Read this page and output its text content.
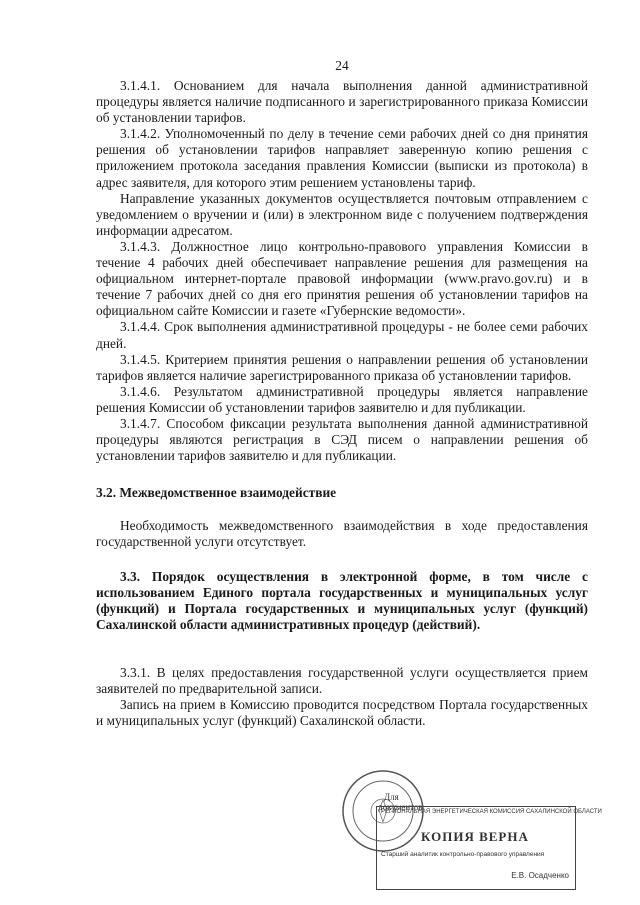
24

3.1.4.1. Основанием для начала выполнения данной административной процедуры является наличие подписанного и зарегистрированного приказа Комиссии об установлении тарифов.

3.1.4.2. Уполномоченный по делу в течение семи рабочих дней со дня принятия решения об установлении тарифов направляет заверенную копию решения с приложением протокола заседания правления Комиссии (выписки из протокола) в адрес заявителя, для которого этим решением установлены тариф.

Направление указанных документов осуществляется почтовым отправлением с уведомлением о вручении и (или) в электронном виде с получением подтверждения информации адресатом.

3.1.4.3. Должностное лицо контрольно-правового управления Комиссии в течение 4 рабочих дней обеспечивает направление решения для размещения на официальном интернет-портале правовой информации (www.pravo.gov.ru) и в течение 7 рабочих дней со дня его принятия решения об установлении тарифов на официальном сайте Комиссии и газете «Губернские ведомости».

3.1.4.4. Срок выполнения административной процедуры - не более семи рабочих дней.

3.1.4.5. Критерием принятия решения о направлении решения об установлении тарифов является наличие зарегистрированного приказа об установлении тарифов.

3.1.4.6. Результатом административной процедуры является направление решения Комиссии об установлении тарифов заявителю и для публикации.

3.1.4.7. Способом фиксации результата выполнения данной административной процедуры являются регистрация в СЭД писем о направлении решения об установлении тарифов заявителю и для публикации.

3.2. Межведомственное взаимодействие

Необходимость межведомственного взаимодействия в ходе предоставления государственной услуги отсутствует.

3.3. Порядок осуществления в электронной форме, в том числе с использованием Единого портала государственных и муниципальных услуг (функций) и Портала государственных и муниципальных услуг (функций) Сахалинской области административных процедур (действий).

3.3.1. В целях предоставления государственной услуги осуществляется прием заявителей по предварительной записи.

Запись на прием в Комиссию проводится посредством Портала государственных и муниципальных услуг (функций) Сахалинской области.

Для
документов
РЕГИОНАЛЬНАЯ ЭНЕРГЕТИЧЕСКАЯ КОМИССИЯ САХАЛИНСКОЙ ОБЛАСТИ
КОПИЯ ВЕРНА
Старший аналитик контрольно-правового управления
Е.В. Осадченко
